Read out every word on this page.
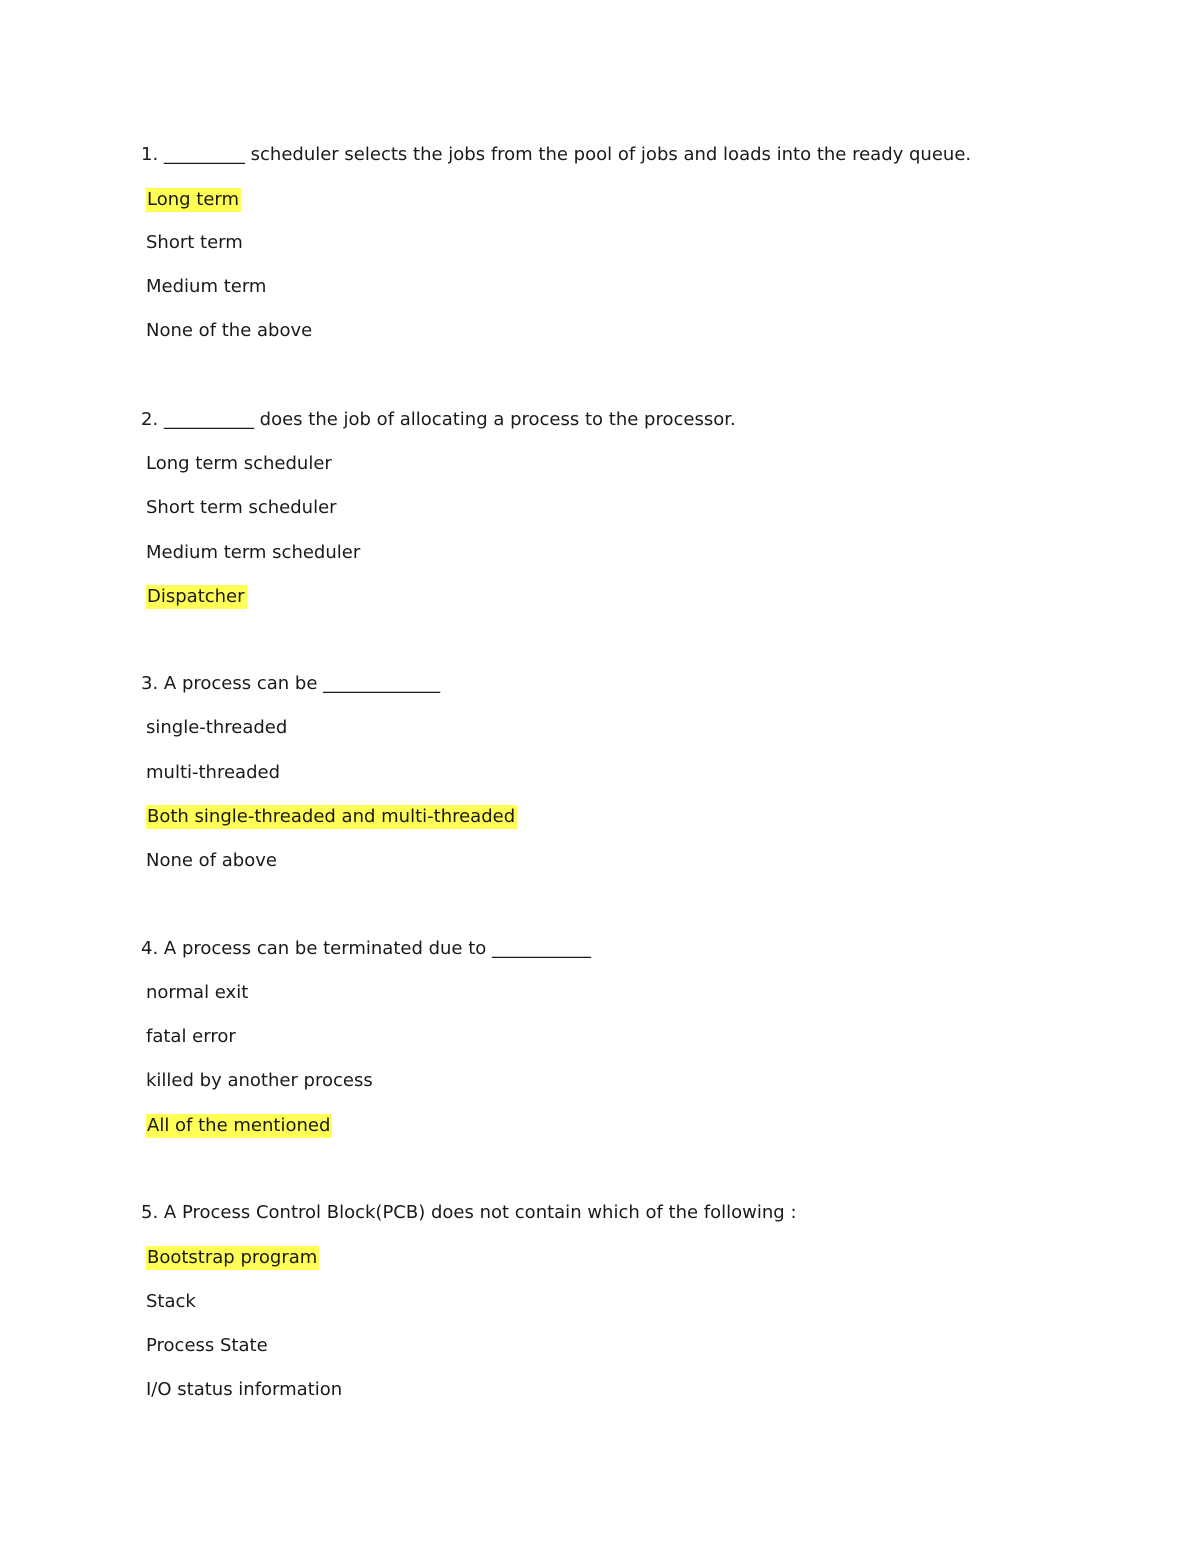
1. _________ scheduler selects the jobs from the pool of jobs and loads into the ready queue.
Long term
Short term
Medium term
None of the above
2. __________ does the job of allocating a process to the processor.
Long term scheduler
Short term scheduler
Medium term scheduler
Dispatcher
3. A process can be _____________
single-threaded
multi-threaded
Both single-threaded and multi-threaded
None of above
4. A process can be terminated due to ___________
normal exit
fatal error
killed by another process
All of the mentioned
5. A Process Control Block(PCB) does not contain which of the following :
Bootstrap program
Stack
Process State
I/O status information
